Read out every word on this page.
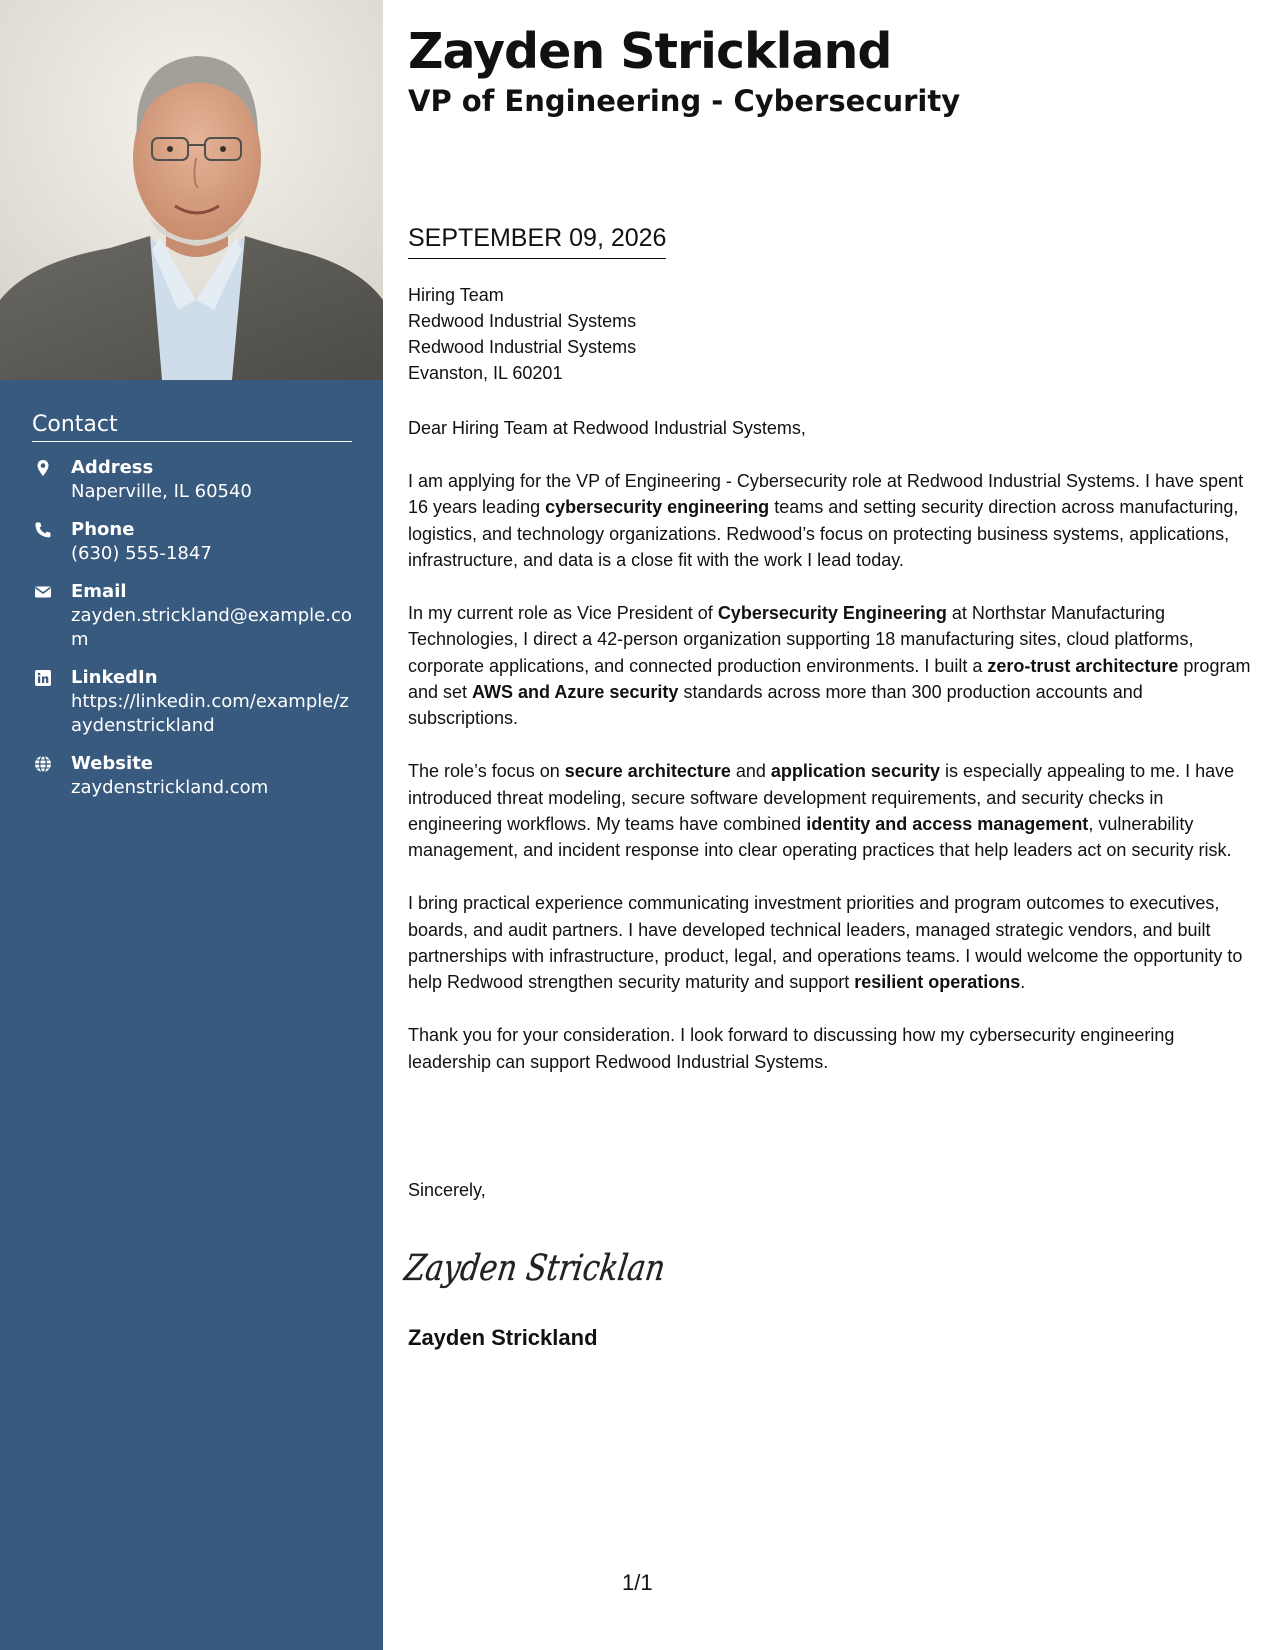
Contact
Address
Naperville, IL 60540
Phone
(630) 555-1847
Email
zayden.strickland@example.com
LinkedIn
https://linkedin.com/example/zaydenstrickland
Website
zaydenstrickland.com
Zayden Strickland
VP of Engineering - Cybersecurity
SEPTEMBER 09, 2026
Hiring Team
Redwood Industrial Systems
Redwood Industrial Systems
Evanston, IL 60201

Dear Hiring Team at Redwood Industrial Systems,

I am applying for the VP of Engineering - Cybersecurity role at Redwood Industrial Systems. I have spent 16 years leading cybersecurity engineering teams and setting security direction across manufacturing, logistics, and technology organizations. Redwood’s focus on protecting business systems, applications, infrastructure, and data is a close fit with the work I lead today.

In my current role as Vice President of Cybersecurity Engineering at Northstar Manufacturing Technologies, I direct a 42-person organization supporting 18 manufacturing sites, cloud platforms, corporate applications, and connected production environments. I built a zero-trust architecture program and set AWS and Azure security standards across more than 300 production accounts and subscriptions.

The role’s focus on secure architecture and application security is especially appealing to me. I have introduced threat modeling, secure software development requirements, and security checks in engineering workflows. My teams have combined identity and access management, vulnerability management, and incident response into clear operating practices that help leaders act on security risk.

I bring practical experience communicating investment priorities and program outcomes to executives, boards, and audit partners. I have developed technical leaders, managed strategic vendors, and built partnerships with infrastructure, product, legal, and operations teams. I would welcome the opportunity to help Redwood strengthen security maturity and support resilient operations.

Thank you for your consideration. I look forward to discussing how my cybersecurity engineering leadership can support Redwood Industrial Systems.

Sincerely,
Zayden Stricklan
Zayden Strickland
1/1
